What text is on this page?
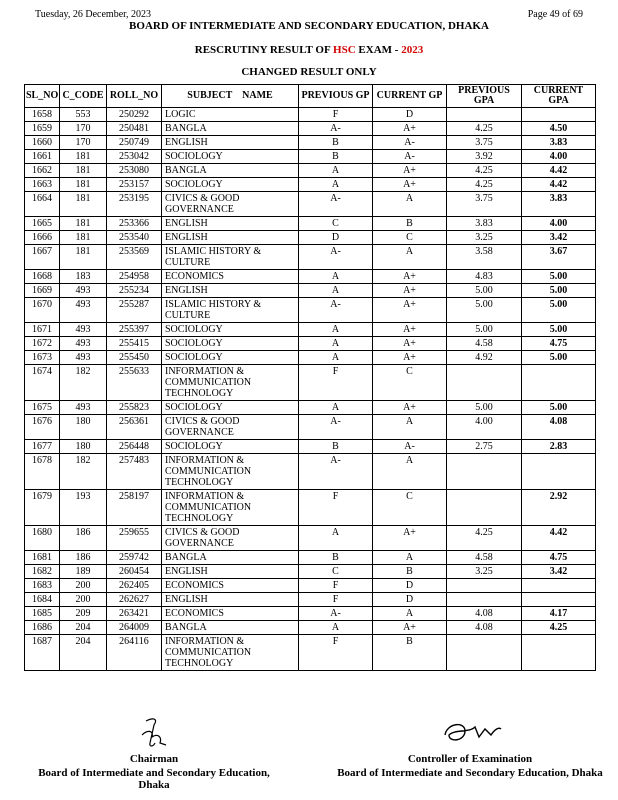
Tuesday, 26 December, 2023	Page 49 of 69
BOARD OF INTERMEDIATE AND SECONDARY EDUCATION, DHAKA
RESCRUTINY RESULT OF HSC EXAM - 2023
CHANGED RESULT ONLY
SL_NO	C_CODE	ROLL_NO	SUBJECT    NAME	PREVIOUS GP	CURRENT GP	PREVIOUS GPA	CURRENT GPA
1658	553	250292	LOGIC	F	D		
1659	170	250481	BANGLA	A-	A+	4.25	4.50
1660	170	250749	ENGLISH	B	A-	3.75	3.83
1661	181	253042	SOCIOLOGY	B	A-	3.92	4.00
1662	181	253080	BANGLA	A	A+	4.25	4.42
1663	181	253157	SOCIOLOGY	A	A+	4.25	4.42
1664	181	253195	CIVICS & GOOD
GOVERNANCE	A-	A	3.75	3.83
1665	181	253366	ENGLISH	C	B	3.83	4.00
1666	181	253540	ENGLISH	D	C	3.25	3.42
1667	181	253569	ISLAMIC HISTORY &
CULTURE	A-	A	3.58	3.67
1668	183	254958	ECONOMICS	A	A+	4.83	5.00
1669	493	255234	ENGLISH	A	A+	5.00	5.00
1670	493	255287	ISLAMIC HISTORY &
CULTURE	A-	A+	5.00	5.00
1671	493	255397	SOCIOLOGY	A	A+	5.00	5.00
1672	493	255415	SOCIOLOGY	A	A+	4.58	4.75
1673	493	255450	SOCIOLOGY	A	A+	4.92	5.00
1674	182	255633	INFORMATION &
COMMUNICATION
TECHNOLOGY	F	C		
1675	493	255823	SOCIOLOGY	A	A+	5.00	5.00
1676	180	256361	CIVICS & GOOD
GOVERNANCE	A-	A	4.00	4.08
1677	180	256448	SOCIOLOGY	B	A-	2.75	2.83
1678	182	257483	INFORMATION &
COMMUNICATION
TECHNOLOGY	A-	A		
1679	193	258197	INFORMATION &
COMMUNICATION
TECHNOLOGY	F	C		2.92
1680	186	259655	CIVICS & GOOD
GOVERNANCE	A	A+	4.25	4.42
1681	186	259742	BANGLA	B	A	4.58	4.75
1682	189	260454	ENGLISH	C	B	3.25	3.42
1683	200	262405	ECONOMICS	F	D		
1684	200	262627	ENGLISH	F	D		
1685	209	263421	ECONOMICS	A-	A	4.08	4.17
1686	204	264009	BANGLA	A	A+	4.08	4.25
1687	204	264116	INFORMATION &
COMMUNICATION
TECHNOLOGY	F	B		
Chairman
Board of Intermediate and Secondary Education, Dhaka
Controller of Examination
Board of Intermediate and Secondary Education, Dhaka
